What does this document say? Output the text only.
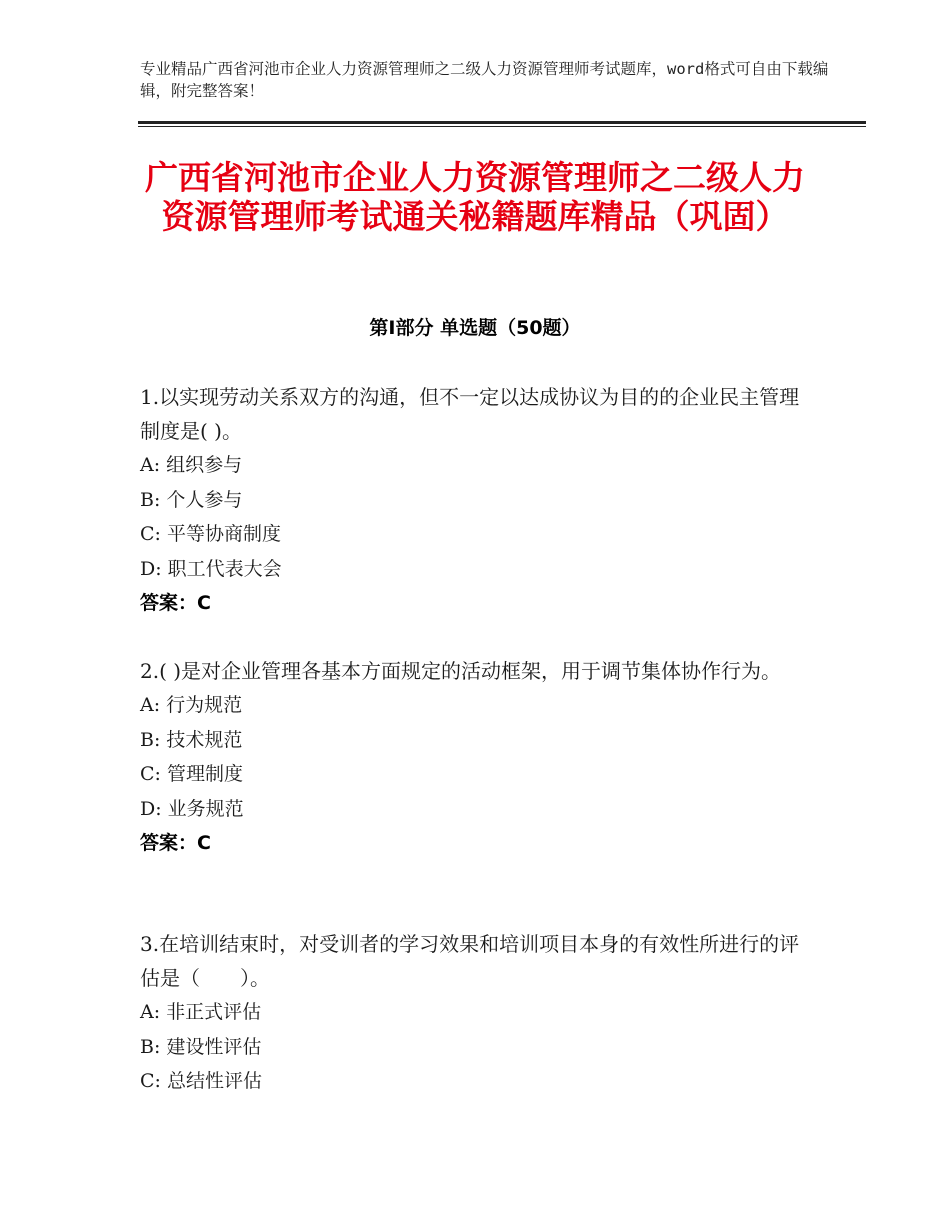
专业精品广西省河池市企业人力资源管理师之二级人力资源管理师考试题库，word格式可自由下载编辑，附完整答案！
广西省河池市企业人力资源管理师之二级人力资源管理师考试通关秘籍题库精品（巩固）
第Ⅰ部分 单选题（50题）
1.以实现劳动关系双方的沟通，但不一定以达成协议为目的的企业民主管理制度是( )。
A: 组织参与
B: 个人参与
C: 平等协商制度
D: 职工代表大会
答案：C
2.( )是对企业管理各基本方面规定的活动框架，用于调节集体协作行为。
A: 行为规范
B: 技术规范
C: 管理制度
D: 业务规范
答案：C
3.在培训结束时，对受训者的学习效果和培训项目本身的有效性所进行的评估是（　　）。
A: 非正式评估
B: 建设性评估
C: 总结性评估
